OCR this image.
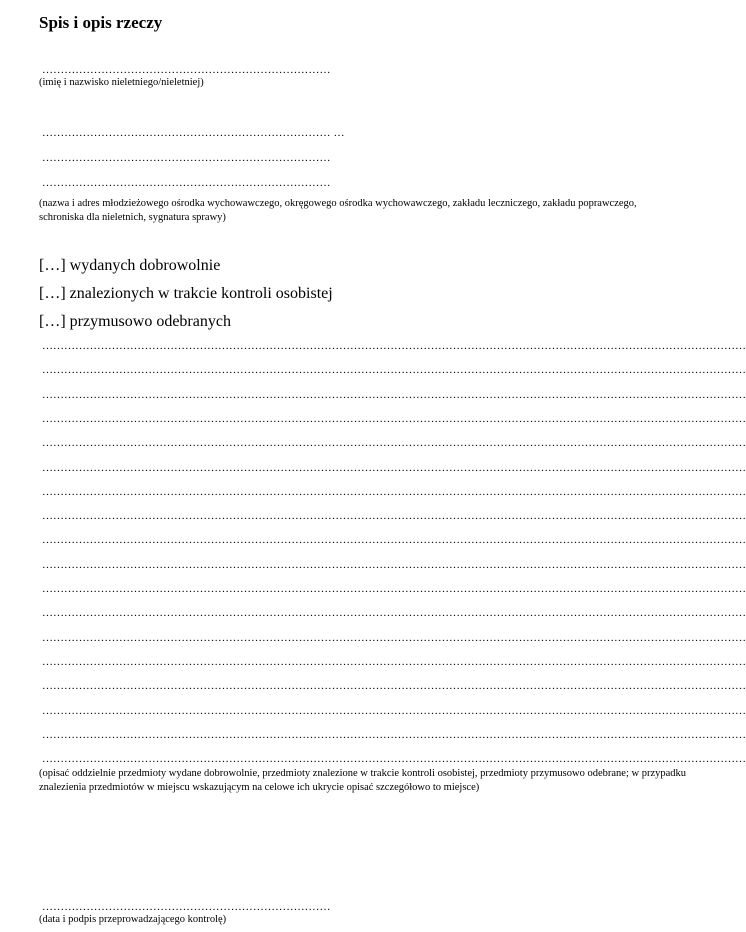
Spis i opis rzeczy
……………………………………………………………………
(imię i nazwisko nieletniego/nieletniej)
…………………………………………………………………… …
……………………………………………………………………
……………………………………………………………………
(nazwa i adres młodzieżowego ośrodka wychowawczego, okręgowego ośrodka wychowawczego, zakładu leczniczego, zakładu poprawczego, schroniska dla nieletnich, sygnatura sprawy)
[…] wydanych dobrowolnie
[…] znalezionych w trakcie kontroli osobistej
[…] przymusowo odebranych
…………………………………………………………………………………………………………………………………………………………………………
…………………………………………………………………………………………………………………………………………………………………………
…………………………………………………………………………………………………………………………………………………………………………
…………………………………………………………………………………………………………………………………………………………………………
…………………………………………………………………………………………………………………………………………………………………………
…………………………………………………………………………………………………………………………………………………………………………
…………………………………………………………………………………………………………………………………………………………………………
…………………………………………………………………………………………………………………………………………………………………………
…………………………………………………………………………………………………………………………………………………………………………
…………………………………………………………………………………………………………………………………………………………………………
…………………………………………………………………………………………………………………………………………………………………………
…………………………………………………………………………………………………………………………………………………………………………
…………………………………………………………………………………………………………………………………………………………………………
…………………………………………………………………………………………………………………………………………………………………………
…………………………………………………………………………………………………………………………………………………………………………
…………………………………………………………………………………………………………………………………………………………………………
…………………………………………………………………………………………………………………………………………………………………………
…………………………………………………………………………………………………………………………………………………………………………
(opisać oddzielnie przedmioty wydane dobrowolnie, przedmioty znalezione w trakcie kontroli osobistej, przedmioty przymusowo odebrane; w przypadku znalezienia przedmiotów w miejscu wskazującym na celowe ich ukrycie opisać szczegółowo to miejsce)
……………………………………………………………………
(data i podpis przeprowadzającego kontrolę)
